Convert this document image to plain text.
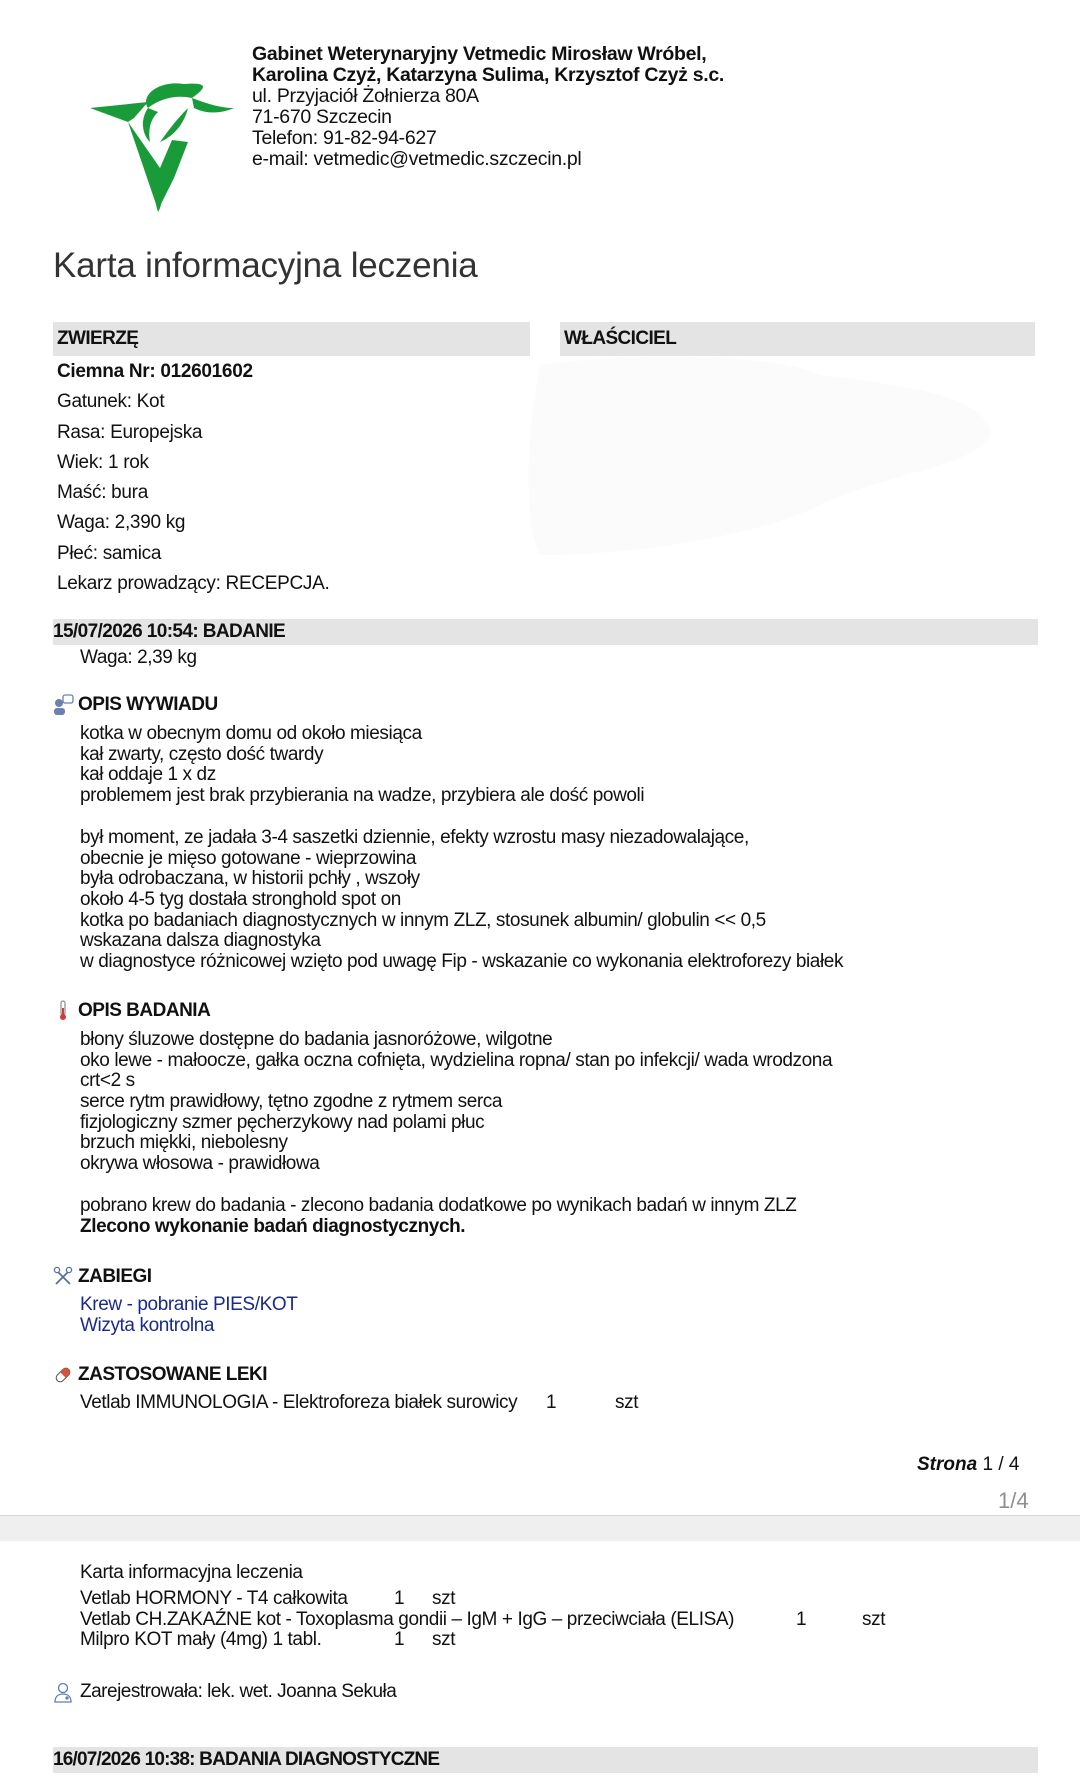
Gabinet Weterynaryjny Vetmedic Mirosław Wróbel,
Karolina Czyż, Katarzyna Sulima, Krzysztof Czyż s.c.
ul. Przyjaciół Żołnierza 80A
71-670 Szczecin
Telefon: 91-82-94-627
e-mail: vetmedic@vetmedic.szczecin.pl
Karta informacyjna leczenia
ZWIERZĘ	WŁAŚCICIEL
Ciemna Nr: 012601602
Gatunek: Kot
Rasa: Europejska
Wiek: 1 rok
Maść: bura
Waga: 2,390 kg
Płeć: samica
Lekarz prowadzący: RECEPCJA.
15/07/2026 10:54: BADANIE
Waga: 2,39 kg
OPIS WYWIADU
kotka w obecnym domu od około miesiąca
kał zwarty, często dość twardy
kał oddaje 1 x dz
problemem jest brak przybierania na wadze, przybiera ale dość powoli
był moment, ze jadała 3-4 saszetki dziennie, efekty wzrostu masy niezadowalające,
obecnie je mięso gotowane - wieprzowina
była odrobaczana, w historii pchły , wszoły
około 4-5 tyg dostała stronghold spot on
kotka po badaniach diagnostycznych w innym ZLZ, stosunek albumin/ globulin << 0,5
wskazana dalsza diagnostyka
w diagnostyce różnicowej wzięto pod uwagę Fip - wskazanie co wykonania elektroforezy białek
OPIS BADANIA
błony śluzowe dostępne do badania jasnoróżowe, wilgotne
oko lewe - małoocze, gałka oczna cofnięta, wydzielina ropna/ stan po infekcji/ wada wrodzona
crt<2 s
serce rytm prawidłowy, tętno zgodne z rytmem serca
fizjologiczny szmer pęcherzykowy nad polami płuc
brzuch miękki, niebolesny
okrywa włosowa - prawidłowa
pobrano krew do badania - zlecono badania dodatkowe po wynikach badań w innym ZLZ
Zlecono wykonanie badań diagnostycznych.
ZABIEGI
Krew - pobranie PIES/KOT
Wizyta kontrolna
ZASTOSOWANE LEKI
Vetlab IMMUNOLOGIA - Elektroforeza białek surowicy 1	szt
Strona 1 / 4
1/4
Karta informacyjna leczenia
Vetlab HORMONY - T4 całkowita 1 szt
Vetlab CH.ZAKAŹNE kot - Toxoplasma gondii – IgM + IgG – przeciwciała (ELISA)	1	szt
Milpro KOT mały (4mg) 1 tabl.	1 szt
Zarejestrowała: lek. wet. Joanna Sekuła
16/07/2026 10:38: BADANIA DIAGNOSTYCZNE
